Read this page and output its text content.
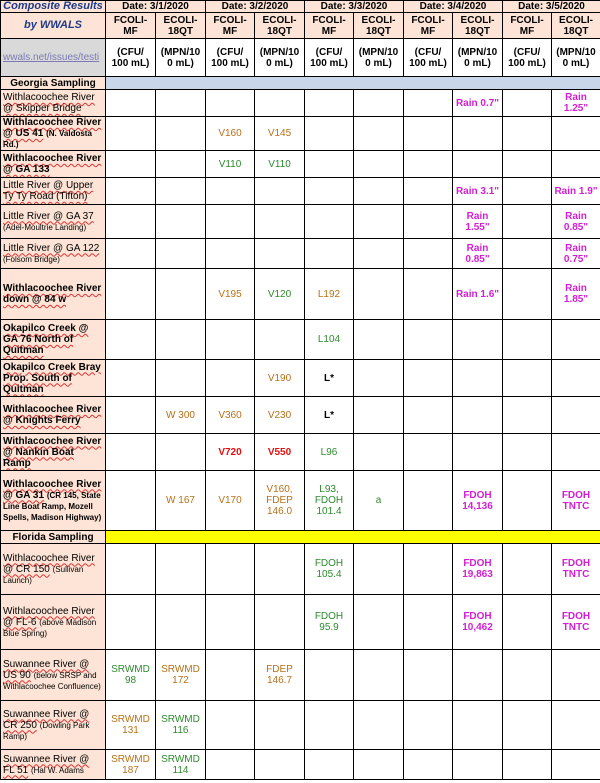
Composite Results	Date: 3/1/2020		Date: 3/2/2020		Date: 3/3/2020		Date: 3/4/2020		Date: 3/5/2020	
by WWALS	FCOLI-MF	ECOLI-18QT	FCOLI-MF	ECOLI-18QT	FCOLI-MF	ECOLI-18QT	FCOLI-MF	ECOLI-18QT	FCOLI-MF	ECOLI-18QT
wwals.net/issues/testi	(CFU/ 100 mL)	(MPN/10 0 mL)	(CFU/ 100 mL)	(MPN/10 0 mL)	(CFU/ 100 mL)	(MPN/10 0 mL)	(CFU/ 100 mL)	(MPN/10 0 mL)	(CFU/ 100 mL)	(MPN/10 0 mL)
Georgia Sampling										
Withlacoochee River @ Skipper Bridge								Rain 0.7"		Rain 1.25"
Withlacoochee River @ US 41 (N. Valdosta Rd.)			V160	V145						
Withlacoochee River @ GA 133			V110	V110						
Little River @ Upper Ty Ty Road (Tifton)								Rain 3.1"		Rain 1.9"
Little River @ GA 37 (Adel-Moultrie Landing)								Rain 1.55"		Rain 0.85"
Little River @ GA 122 (Folsom Bridge)								Rain 0.85"		Rain 0.75"
Withlacoochee River down @ 84 w			V195	V120	L192			Rain 1.6"		Rain 1.85"
Okapilco Creek @ GA 76 North of Quitman					L104					
Okapilco Creek Bray Prop. South of Quitman				V190	L*					
Withlacoochee River @ Knights Ferry		W 300	V360	V230	L*					
Withlacoochee River @ Nankin Boat Ramp			V720	V550	L96					
Withlacoochee River @ GA 31 (CR 145, State Line Boat Ramp, Mozell Spells, Madison Highway)		W 167	V170	V160, FDEP 146.0	L93, FDOH 101.4	a		FDOH 14,136		FDOH TNTC
Florida Sampling										
Withlacoochee River @ CR 150 (Sullivan Launch)					FDOH 105.4			FDOH 19,863		FDOH TNTC
Withlacoochee River @ FL-6 (above Madison Blue Spring)					FDOH 95.9			FDOH 10,462		FDOH TNTC
Suwannee River @ US 90 (below SRSP and Withlacoochee Confluence)	SRWMD 98	SRWMD 172		FDEP 146.7						
Suwannee River @ CR 250 (Dowling Park Ramp)	SRWMD 131	SRWMD 116								
Suwannee River @ FL 51 (Hal W. Adams	SRWMD 187	SRWMD 114								
